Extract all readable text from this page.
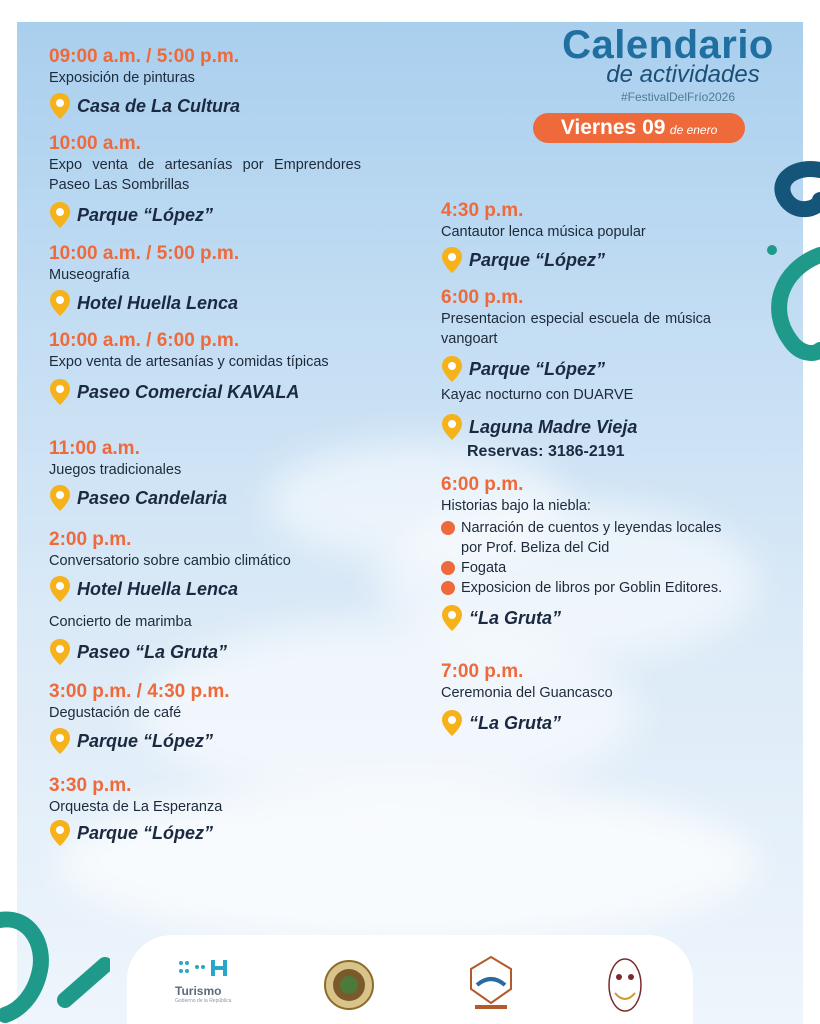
Calendario
de actividades
#FestivalDelFrío2026
Viernes 09 de enero
09:00 a.m. / 5:00 p.m.
Exposición de pinturas
Casa de La Cultura
10:00 a.m.
Expo venta de artesanías por Emprendores Paseo Las Sombrillas
Parque “López”
10:00 a.m. / 5:00 p.m.
Museografía
Hotel Huella Lenca
10:00 a.m. / 6:00 p.m.
Expo venta de artesanías y comidas típicas
Paseo Comercial KAVALA
11:00 a.m.
Juegos tradicionales
Paseo Candelaria
2:00 p.m.
Conversatorio sobre cambio climático
Hotel Huella Lenca
Concierto de marimba
Paseo “La Gruta”
3:00 p.m. / 4:30 p.m.
Degustación de café
Parque “López”
3:30 p.m.
Orquesta de La Esperanza
Parque “López”
4:30 p.m.
Cantautor lenca música popular
Parque “López”
6:00 p.m.
Presentacion especial escuela de música vangoart
Parque “López”
Kayac nocturno con DUARVE
Laguna Madre Vieja
Reservas: 3186-2191
6:00 p.m.
Historias bajo la niebla:
Narración de cuentos y leyendas locales por Prof. Beliza del Cid
Fogata
Exposicion de libros por Goblin Editores.
“La Gruta”
7:00 p.m.
Ceremonia del Guancasco
“La Gruta”
Turismo
Gobierno de la República
